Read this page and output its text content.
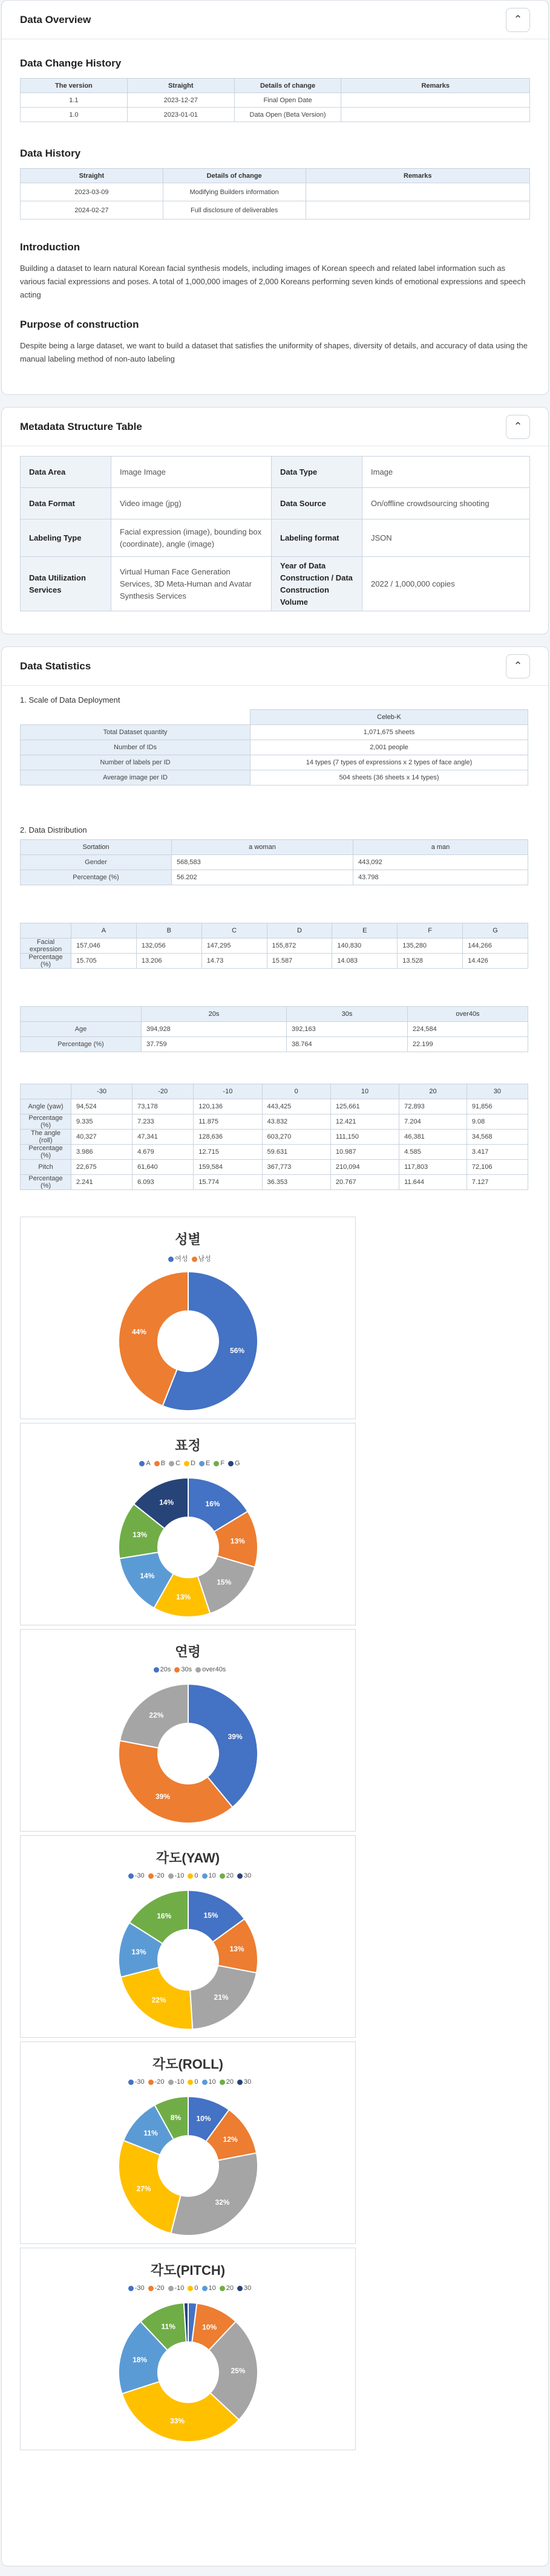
Data Overview	⌃
Data Change History
The version	Straight	Details of change	Remarks
1.1	2023-12-27	Final Open Date	
1.0	2023-01-01	Data Open (Beta Version)	
Data History
Straight	Details of change	Remarks
2023-03-09	Modifying Builders information	
2024-02-27	Full disclosure of deliverables	
Introduction

Building a dataset to learn natural Korean facial synthesis models, including images of Korean speech and related label information such as various facial expressions and poses. A total of 1,000,000 images of 2,000 Koreans performing seven kinds of emotional expressions and speech acting

Purpose of construction

Despite being a large dataset, we want to build a dataset that satisfies the uniformity of shapes, diversity of details, and accuracy of data using the manual labeling method of non-auto labeling

Metadata Structure Table	⌃
Data Area	Image Image	Data Type	Image
Data Format	Video image (jpg)	Data Source	On/offline crowdsourcing shooting
Labeling Type	Facial expression (image), bounding box (coordinate), angle (image)	Labeling format	JSON
Data Utilization Services	Virtual Human Face Generation Services, 3D Meta-Human and Avatar Synthesis Services	Year of Data Construction / Data Construction Volume	2022 / 1,000,000 copies
Data Statistics	⌃
1. Scale of Data Deployment
	Celeb-K
Total Dataset quantity	1,071,675 sheets
Number of IDs	2,001 people
Number of labels per ID	14 types (7 types of expressions x 2 types of face angle)
Average image per ID	504 sheets (36 sheets x 14 types)
2. Data Distribution
Sortation	a woman	a man
Gender	568,583	443,092
Percentage (%)	56.202	43.798
	A	B	C	D	E	F	G
Facial expression	157,046	132,056	147,295	155,872	140,830	135,280	144,266
Percentage (%)	15.705	13.206	14.73	15.587	14.083	13.528	14.426
	20s	30s	over40s
Age	394,928	392,163	224,584
Percentage (%)	37.759	38.764	22.199
	-30	-20	-10	0	10	20	30
Angle (yaw)	94,524	73,178	120,136	443,425	125,661	72,893	91,856
Percentage (%)	9.335	7.233	11.875	43.832	12.421	7.204	9.08
The angle (roll)	40,327	47,341	128,636	603,270	111,150	46,381	34,568
Percentage (%)	3.986	4.679	12.715	59.631	10.987	4.585	3.417
Pitch	22,675	61,640	159,584	367,773	210,094	117,803	72,106
Percentage (%)	2.241	6.093	15.774	36.353	20.767	11.644	7.127
성별
여성 남성
56%
44%
표정
A B C D E F G
16%
13%
15%
13%
14%
13%
14%
연령
20s 30s over40s
39%
39%
22%
각도(YAW)
-30 -20 -10 0 10 20 30
15%
13%
21%
22%
13%
16%
각도(ROLL)
-30 -20 -10 0 10 20 30
10%
12%
32%
27%
11%
8%
각도(PITCH)
-30 -20 -10 0 10 20 30
10%
25%
33%
18%
11%
